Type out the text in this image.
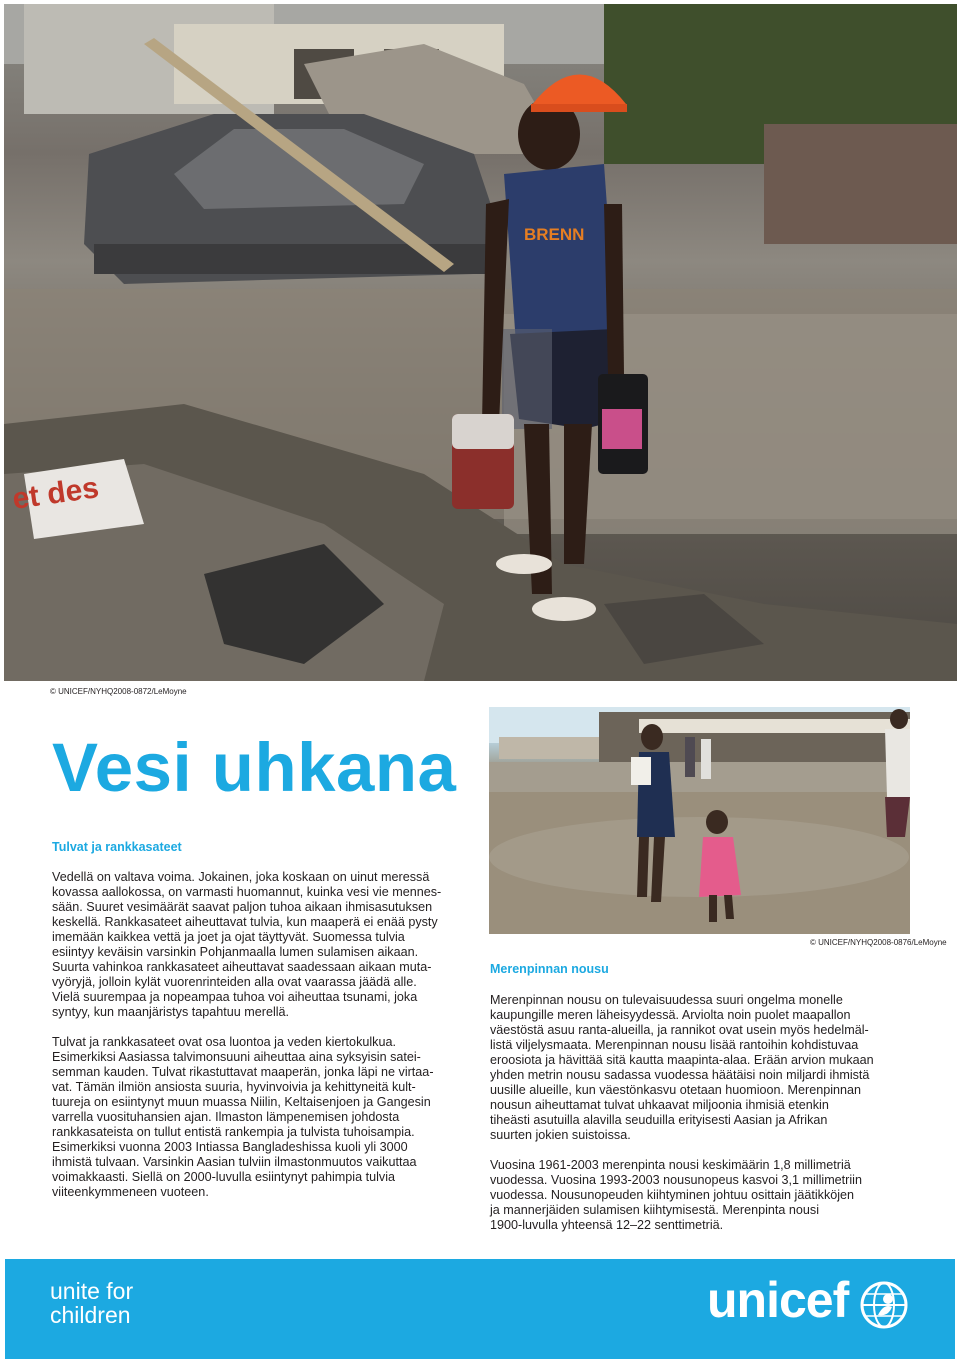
et des
BRENN
© UNICEF/NYHQ2008-0872/LeMoyne
Vesi uhkana
Tulvat ja rankkasateet

Vedellä on valtava voima. Jokainen, joka koskaan on uinut meressä
kovassa aallokossa, on varmasti huomannut, kuinka vesi vie mennes-
sään. Suuret vesimäärät saavat paljon tuhoa aikaan ihmisasutuksen
keskellä. Rankkasateet aiheuttavat tulvia, kun maaperä ei enää pysty
imemään kaikkea vettä ja joet ja ojat täyttyvät. Suomessa tulvia
esiintyy keväisin varsinkin Pohjanmaalla lumen sulamisen aikaan.
Suurta vahinkoa rankkasateet aiheuttavat saadessaan aikaan muta-
vyöryjä, jolloin kylät vuorenrinteiden alla ovat vaarassa jäädä alle.
Vielä suurempaa ja nopeampaa tuhoa voi aiheuttaa tsunami, joka
syntyy, kun maanjäristys tapahtuu merellä.

Tulvat ja rankkasateet ovat osa luontoa ja veden kiertokulkua.
Esimerkiksi Aasiassa talvimonsuuni aiheuttaa aina syksyisin satei-
semman kauden. Tulvat rikastuttavat maaperän, jonka läpi ne virtaa-
vat. Tämän ilmiön ansiosta suuria, hyvinvoivia ja kehittyneitä kult-
tuureja on esiintynyt muun muassa Niilin, Keltaisenjoen ja Gangesin
varrella vuosituhansien ajan. Ilmaston lämpenemisen johdosta
rankkasateista on tullut entistä rankempia ja tulvista tuhoisampia.
Esimerkiksi vuonna 2003 Intiassa Bangladeshissa kuoli yli 3000
ihmistä tulvaan. Varsinkin Aasian tulviin ilmastonmuutos vaikuttaa
voimakkaasti. Siellä on 2000-luvulla esiintynyt pahimpia tulvia
viiteenkymmeneen vuoteen.

© UNICEF/NYHQ2008-0876/LeMoyne
Merenpinnan nousu

Merenpinnan nousu on tulevaisuudessa suuri ongelma monelle
kaupungille meren läheisyydessä. Arviolta noin puolet maapallon
väestöstä asuu ranta-alueilla, ja rannikot ovat usein myös hedelmäl-
listä viljelysmaata. Merenpinnan nousu lisää rantoihin kohdistuvaa
eroosiota ja hävittää sitä kautta maapinta-alaa. Erään arvion mukaan
yhden metrin nousu sadassa vuodessa häätäisi noin miljardi ihmistä
uusille alueille, kun väestönkasvu otetaan huomioon. Merenpinnan
nousun aiheuttamat tulvat uhkaavat miljoonia ihmisiä etenkin
tiheästi asutuilla alavilla seuduilla erityisesti Aasian ja Afrikan
suurten jokien suistoissa.

Vuosina 1961-2003 merenpinta nousi keskimäärin 1,8 millimetriä
vuodessa. Vuosina 1993-2003 nousunopeus kasvoi 3,1 millimetriin
vuodessa. Nousunopeuden kiihtyminen johtuu osittain jäätikköjen
ja mannerjäiden sulamisen kiihtymisestä. Merenpinta nousi
1900-luvulla yhteensä 12–22 senttimetriä.

unite for
children	unicef
